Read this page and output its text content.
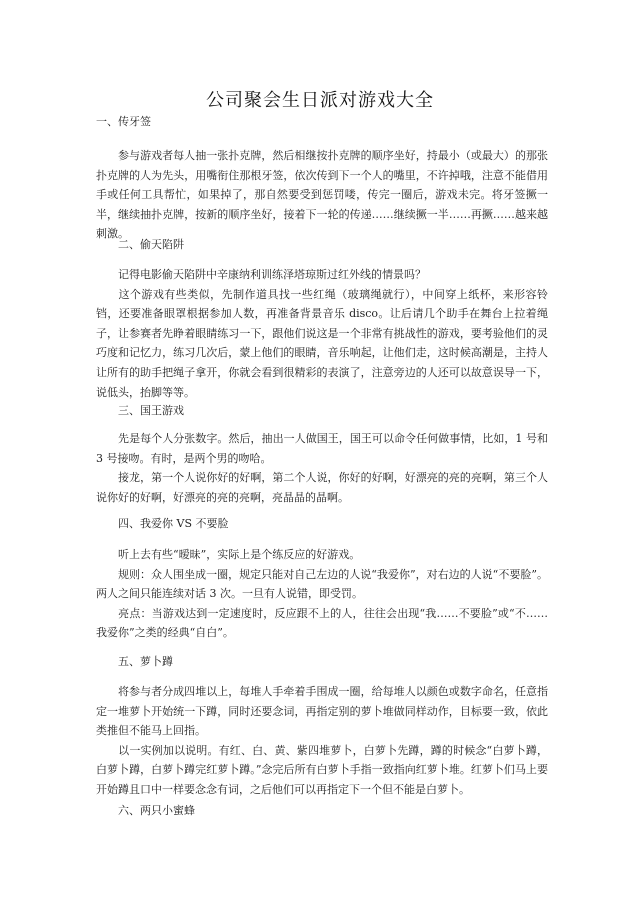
公司聚会生日派对游戏大全
一、传牙签

参与游戏者每人抽一张扑克牌，然后相继按扑克牌的顺序坐好，持最小（或最大）的那张扑克牌的人为先头，用嘴衔住那根牙签，依次传到下一个人的嘴里，不许掉哦，注意不能借用手或任何工具帮忙，如果掉了，那自然要受到惩罚喽，传完一圈后，游戏未完。将牙签撅一半，继续抽扑克牌，按新的顺序坐好，接着下一轮的传递……继续撅一半……再撅……越来越刺激。

二、偷天陷阱

记得电影偷天陷阱中辛康纳利训练泽塔琼斯过红外线的情景吗？

这个游戏有些类似，先制作道具找一些红绳（玻璃绳就行），中间穿上纸杯，来形容铃铛，还要准备眼罩根据参加人数，再准备背景音乐 disco。让后请几个助手在舞台上拉着绳子，让参赛者先睁着眼睛练习一下，跟他们说这是一个非常有挑战性的游戏，要考验他们的灵巧度和记忆力，练习几次后，蒙上他们的眼睛，音乐响起，让他们走，这时候高潮是，主持人让所有的助手把绳子拿开，你就会看到很精彩的表演了，注意旁边的人还可以故意误导一下，说低头，抬脚等等。

三、国王游戏

先是每个人分张数字。然后，抽出一人做国王，国王可以命令任何做事情，比如，1 号和 3 号接吻。有时，是两个男的吻哈。

接龙，第一个人说你好的好啊，第二个人说，你好的好啊，好漂亮的亮的亮啊，第三个人说你好的好啊，好漂亮的亮的亮啊，亮晶晶的晶啊。

四、我爱你 VS 不要脸

听上去有些“暧昧”，实际上是个练反应的好游戏。

规则：众人围坐成一圈，规定只能对自己左边的人说“我爱你”，对右边的人说“不要脸”。两人之间只能连续对话 3 次。一旦有人说错，即受罚。

亮点：当游戏达到一定速度时，反应跟不上的人，往往会出现“我……不要脸”或“不……我爱你”之类的经典“自白”。

五、萝卜蹲

将参与者分成四堆以上，每堆人手牵着手围成一圈，给每堆人以颜色或数字命名，任意指定一堆萝卜开始统一下蹲，同时还要念词，再指定别的萝卜堆做同样动作，目标要一致，依此类推但不能马上回指。

以一实例加以说明。有红、白、黄、紫四堆萝卜，白萝卜先蹲，蹲的时候念“白萝卜蹲，白萝卜蹲，白萝卜蹲完红萝卜蹲。”念完后所有白萝卜手指一致指向红萝卜堆。红萝卜们马上要开始蹲且口中一样要念念有词，之后他们可以再指定下一个但不能是白萝卜。

六、两只小蜜蜂
